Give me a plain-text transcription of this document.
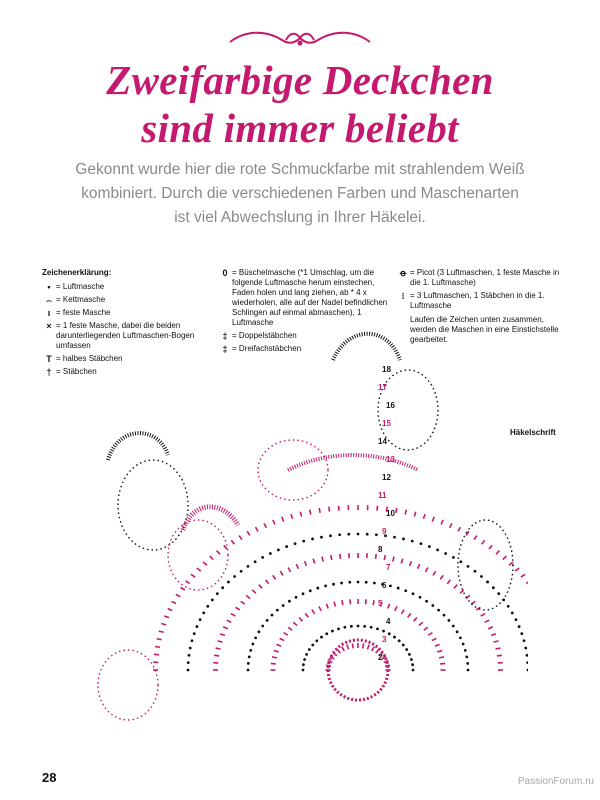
Zweifarbige Deckchen
sind immer beliebt
Gekonnt wurde hier die rote Schmuckfarbe mit strahlendem Weiß
kombiniert. Durch die verschiedenen Farben und Maschenarten
ist viel Abwechslung in Ihrer Häkelei.
Zeichenerklärung:
• = Luftmasche
⌢ = Kettmasche
ı = feste Masche
× = 1 feste Masche, dabei die beiden darunterliegenden Luftmaschen-Bogen umfassen
T = halbes Stäbchen
† = Stäbchen
0 = Büschelmasche (*1 Umschlag, um die folgende Luftmasche herum einstechen, Faden holen und lang ziehen, ab * 4 x wiederholen, alle auf der Nadel befindlichen Schlingen auf einmal abmaschen), 1 Luftmasche
‡ = Doppelstäbchen
‡ = Dreifachstäbchen
ꝋ = Picot (3 Luftmaschen, 1 feste Masche in die 1. Luftmasche)
⁝ = 3 Luftmaschen, 1 Stäbchen in die 1. Luftmasche
Laufen die Zeichen unten zusammen, werden die Maschen in eine Einstichstelle gearbeitet.
Häkelschrift
2
3
4
5
6
7
8
9
10
11
12
13
14
15
16
17
18
28	PassionForum.ru
